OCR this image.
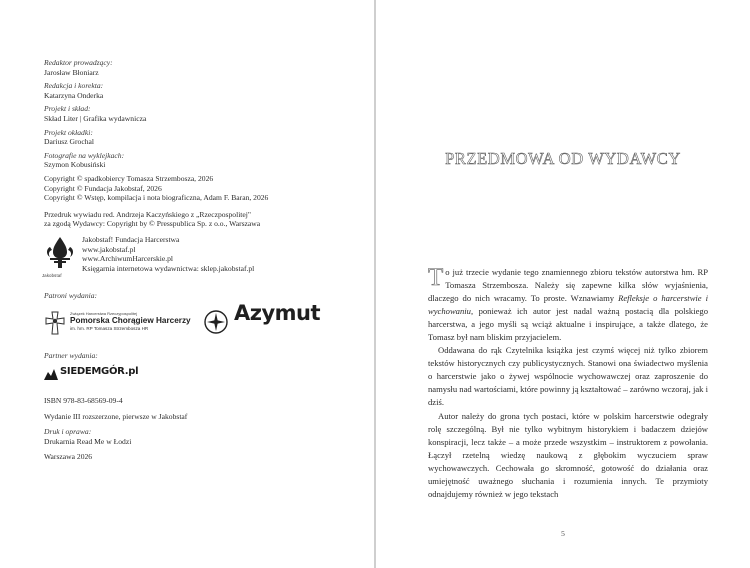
Redaktor prowadzący:
Jarosław Błoniarz
Redakcja i korekta:
Katarzyna Onderka
Projekt i skład:
Skład Liter | Grafika wydawnicza
Projekt okładki:
Dariusz Grochal
Fotografie na wyklejkach:
Szymon Kobusiński
Copyright © spadkobiercy Tomasza Strzembosza, 2026
Copyright © Fundacja Jakobstaf, 2026
Copyright © Wstęp, kompilacja i nota biograficzna, Adam F. Baran, 2026
Przedruk wywiadu red. Andrzeja Kaczyńskiego z „Rzeczpospolitej"
za zgodą Wydawcy: Copyright by © Presspublica Sp. z o.o., Warszawa
Jakobstaf
Jakobstaf! Fundacja Harcerstwa
www.jakobstaf.pl
www.ArchiwumHarcerskie.pl
Księgarnia internetowa wydawnictwa: sklep.jakobstaf.pl
Patroni wydania:
Związek Harcerstwa Rzeczypospolitej
Pomorska Chorągiew Harcerzy
im. hm. RP Tomasza Strzembosza HR
Azymut
Partner wydania:
SIEDEMGÓR.pl
ISBN 978-83-68569-09-4
Wydanie III rozszerzone, pierwsze w Jakobstaf
Druk i oprawa:
Drukarnia Read Me w Łodzi
Warszawa 2026
PRZEDMOWA OD WYDAWCY

To już trzecie wydanie tego znamiennego zbioru tekstów autorstwa hm. RP Tomasza Strzembosza. Należy się zapewne kilka słów wyjaśnienia, dlaczego do nich wracamy. To proste. Wznawiamy Refleksje o harcerstwie i wychowaniu, ponieważ ich autor jest nadal ważną postacią dla polskiego harcerstwa, a jego myśli są wciąż aktualne i inspirujące, a także dlatego, że Tomasz był nam bliskim przyjacielem.

Oddawana do rąk Czytelnika książka jest czymś więcej niż tylko zbiorem tekstów historycznych czy publicystycznych. Stanowi ona świadectwo myślenia o harcerstwie jako o żywej wspólnocie wychowawczej oraz zaproszenie do namysłu nad wartościami, które powinny ją kształtować – zarówno wczoraj, jak i dziś.

Autor należy do grona tych postaci, które w polskim harcerstwie odegrały rolę szczególną. Był nie tylko wybitnym historykiem i badaczem dziejów konspiracji, lecz także – a może przede wszystkim – instruktorem z powołania. Łączył rzetelną wiedzę naukową z głębokim wyczuciem spraw wychowawczych. Cechowała go skromność, gotowość do działania oraz umiejętność uważnego słuchania i rozumienia innych. Te przymioty odnajdujemy również w jego tekstach

5
